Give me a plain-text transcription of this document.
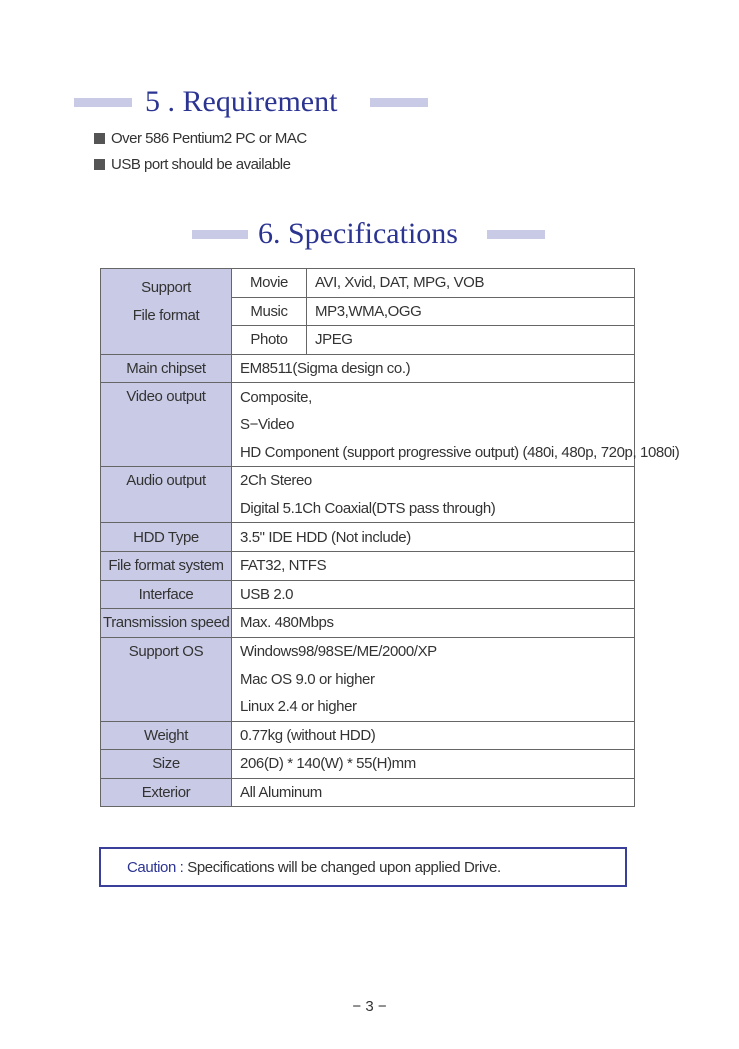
5 . Requirement
Over 586 Pentium2 PC or MAC
USB port should be available
6. Specifications
Support
File format	Movie	AVI, Xvid, DAT, MPG, VOB
	Music	MP3,WMA,OGG
	Photo	JPEG
Main chipset	EM8511(Sigma design co.)	
Video output	Composite,	
	S−Video	
	HD Component (support progressive output) (480i, 480p, 720p, 1080i)	
Audio output	2Ch Stereo	
	Digital 5.1Ch Coaxial(DTS pass through)	
HDD Type	3.5" IDE HDD (Not include)	
File format system	FAT32, NTFS	
Interface	USB 2.0	
Transmission speed	Max. 480Mbps	
Support OS	Windows98/98SE/ME/2000/XP	
	Mac OS 9.0 or higher	
	Linux 2.4 or higher	
Weight	0.77kg (without HDD)	
Size	206(D) * 140(W) * 55(H)mm	
Exterior	All Aluminum	
Caution : Specifications will be changed upon applied Drive.
− 3 −
